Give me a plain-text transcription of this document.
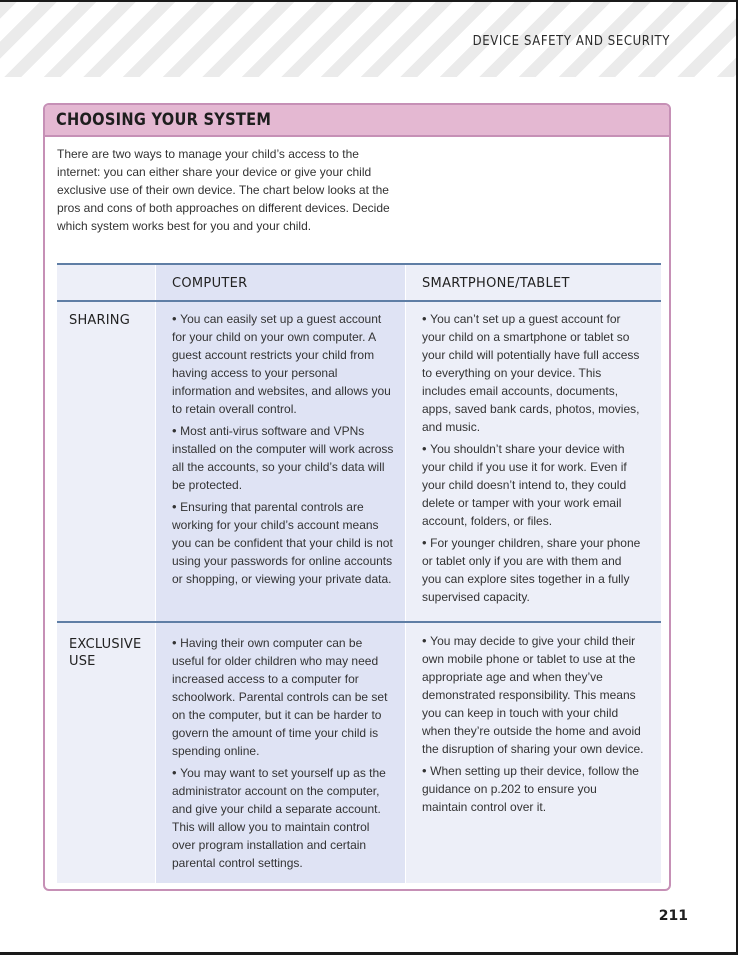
DEVICE SAFETY AND SECURITY
CHOOSING YOUR SYSTEM
There are two ways to manage your child’s access to the internet: you can either share your device or give your child exclusive use of their own device. The chart below looks at the pros and cons of both approaches on different devices. Decide which system works best for you and your child.
COMPUTER	SMARTPHONE/TABLET
SHARING
EXCLUSIVE USE

• You can easily set up a guest account for your child on your own computer. A guest account restricts your child from having access to your personal information and websites, and allows you to retain overall control.

• Most anti-virus software and VPNs installed on the computer will work across all the accounts, so your child’s data will be protected.

• Ensuring that parental controls are working for your child’s account means you can be confident that your child is not using your passwords for online accounts or shopping, or viewing your private data.

• You can’t set up a guest account for your child on a smartphone or tablet so your child will potentially have full access to everything on your device. This includes email accounts, documents, apps, saved bank cards, photos, movies, and music.

• You shouldn’t share your device with your child if you use it for work. Even if your child doesn’t intend to, they could delete or tamper with your work email account, folders, or files.

• For younger children, share your phone or tablet only if you are with them and you can explore sites together in a fully supervised capacity.

• Having their own computer can be useful for older children who may need increased access to a computer for schoolwork. Parental controls can be set on the computer, but it can be harder to govern the amount of time your child is spending online.

• You may want to set yourself up as the administrator account on the computer, and give your child a separate account. This will allow you to maintain control over program installation and certain parental control settings.

• You may decide to give your child their own mobile phone or tablet to use at the appropriate age and when they’ve demonstrated responsibility. This means you can keep in touch with your child when they’re outside the home and avoid the disruption of sharing your own device.

• When setting up their device, follow the guidance on p.202 to ensure you maintain control over it.

211
